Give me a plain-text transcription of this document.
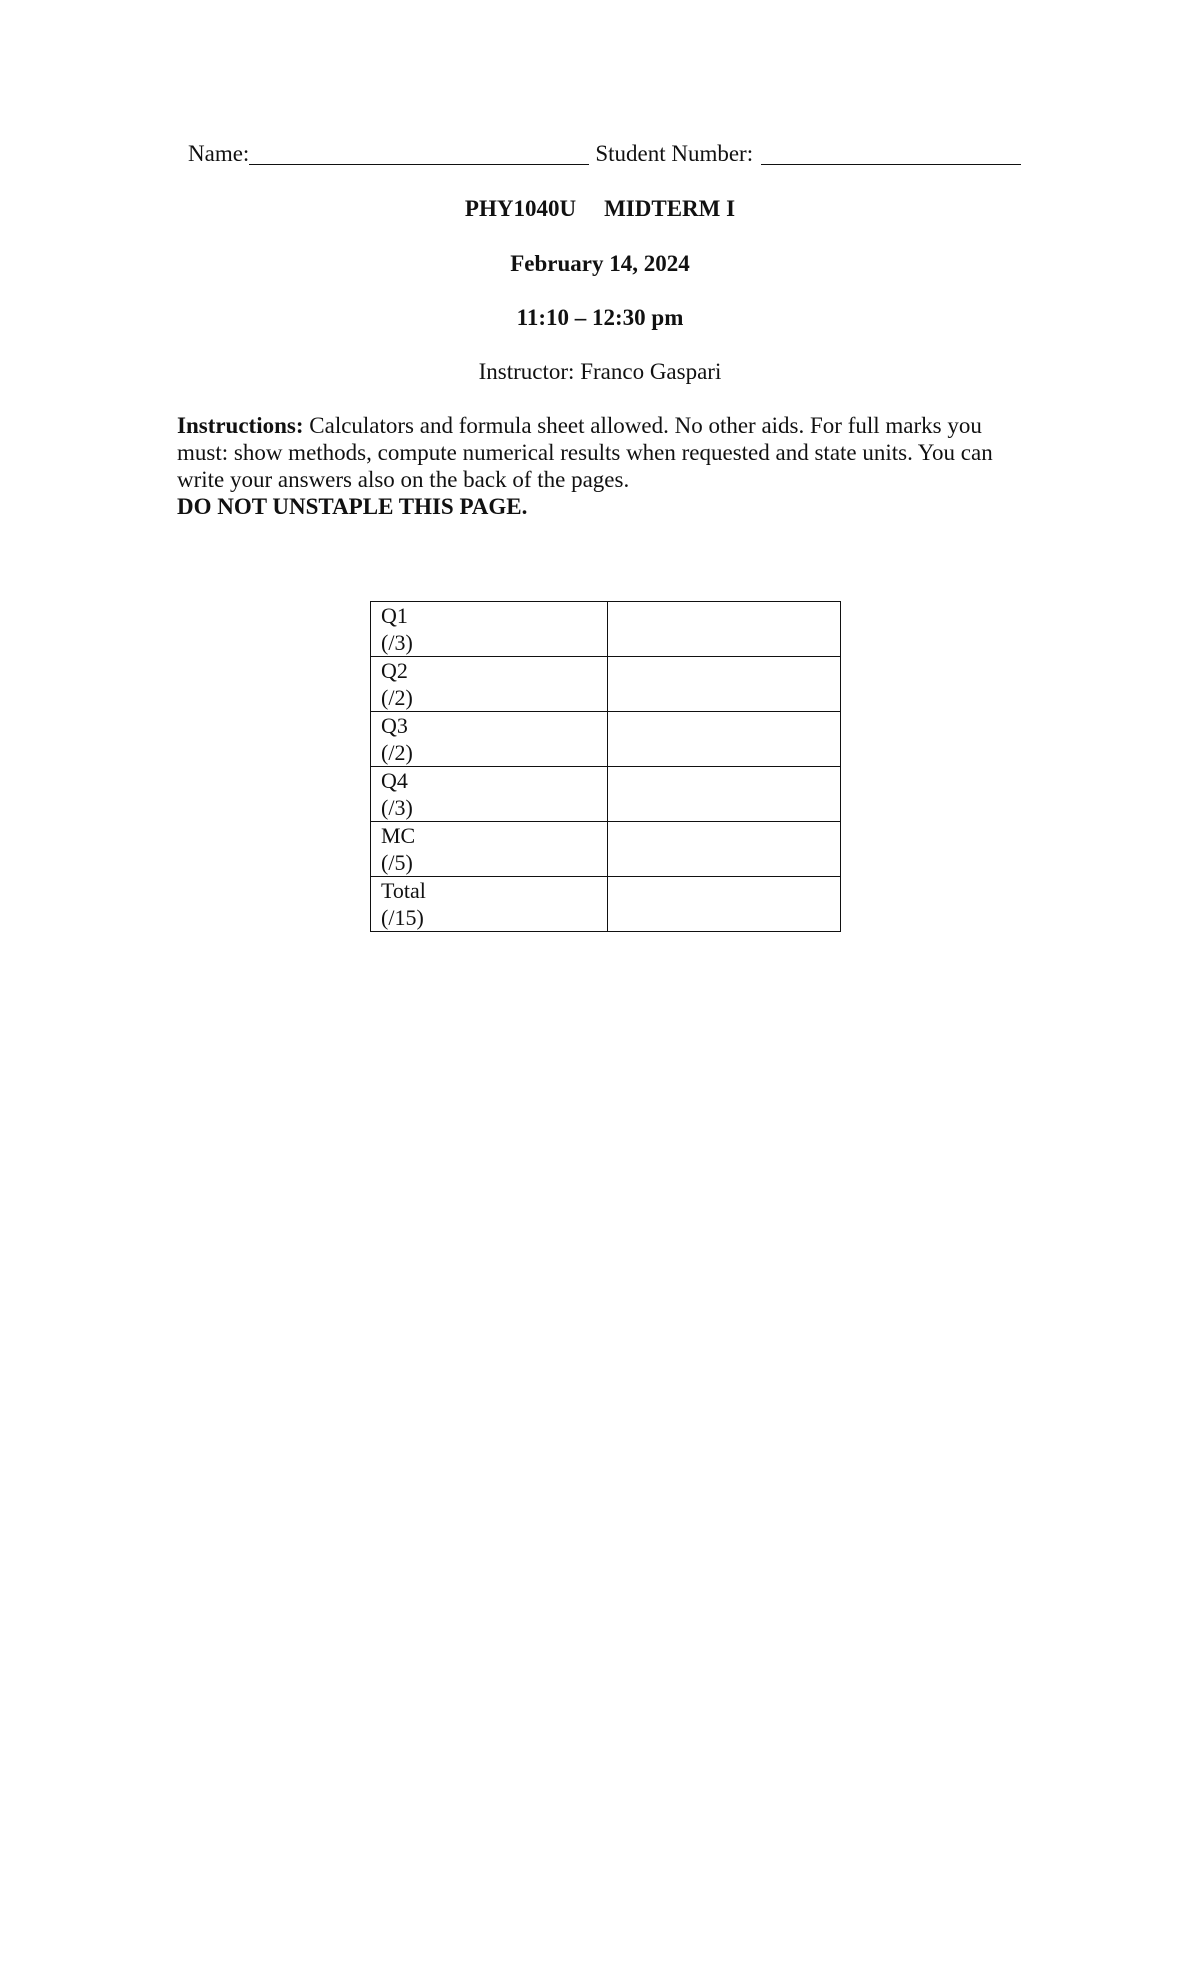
Name:	Student Number:
PHY1040U MIDTERM I
February 14, 2024
11:10 – 12:30 pm
Instructor: Franco Gaspari
Instructions: Calculators and formula sheet allowed. No other aids. For full marks you must: show methods, compute numerical results when requested and state units. You can write your answers also on the back of the pages.
DO NOT UNSTAPLE THIS PAGE.
Q1
(/3)	

Q2
(/2)	

Q3
(/2)	

Q4
(/3)	

MC
(/5)	

Total
(/15)	
